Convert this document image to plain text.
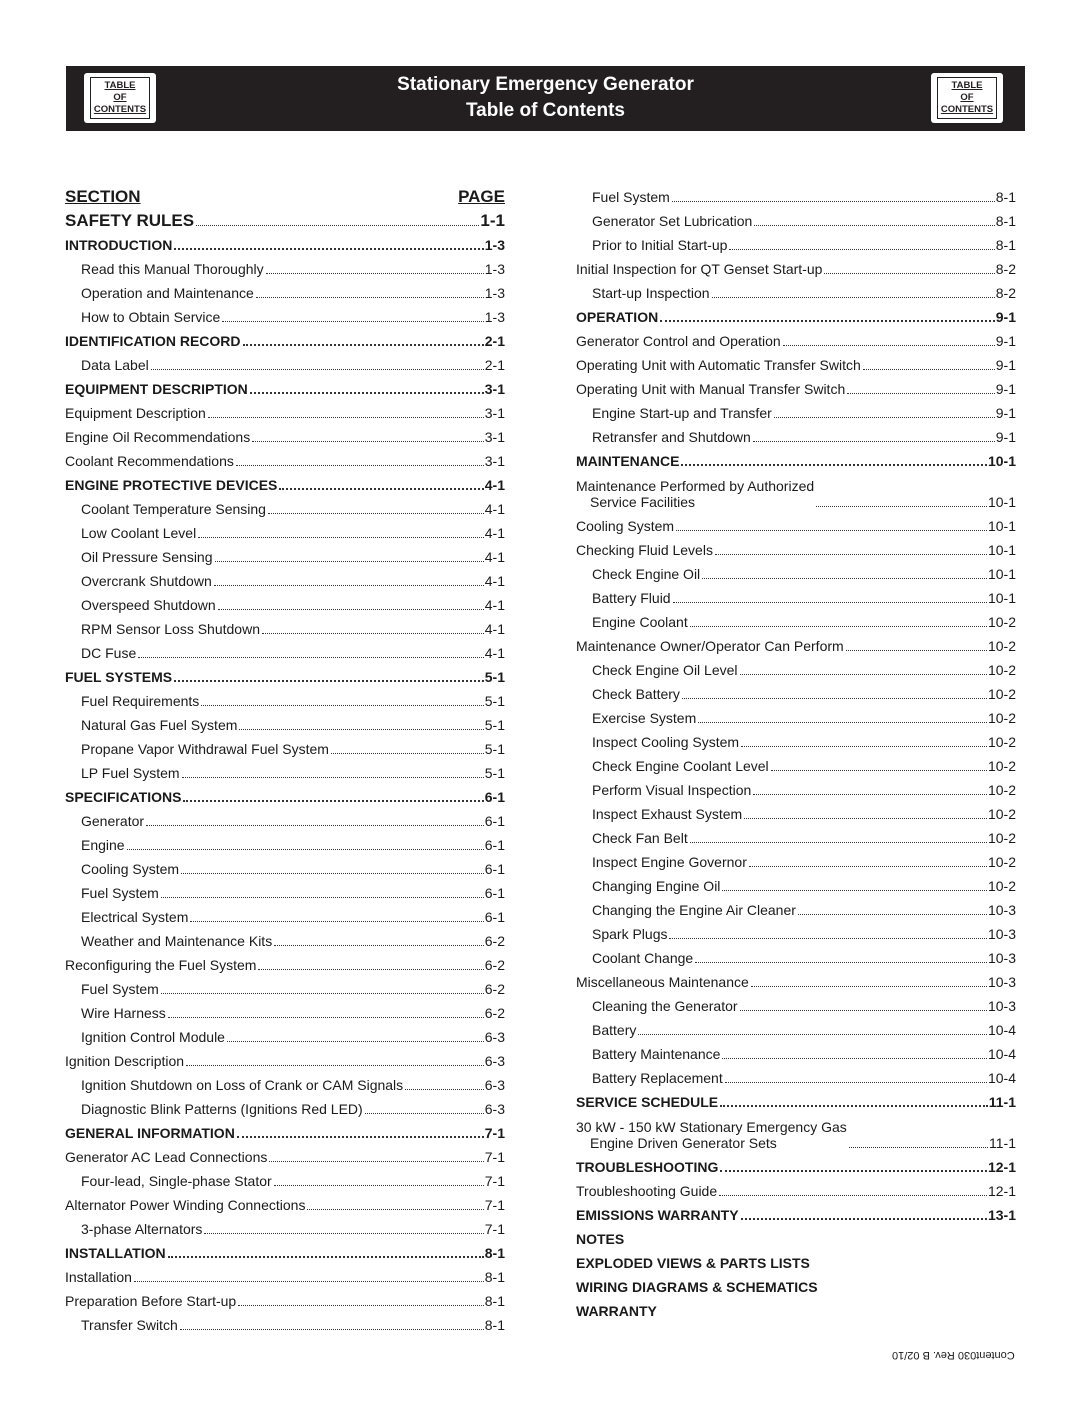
TABLE
OF
CONTENTS
Stationary Emergency Generator
Table of Contents
TABLE
OF
CONTENTS
SECTION	PAGE
SAFETY RULES	1-1
INTRODUCTION	1-3
Read this Manual Thoroughly	1-3
Operation and Maintenance	1-3
How to Obtain Service	1-3
IDENTIFICATION RECORD	2-1
Data Label	2-1
EQUIPMENT DESCRIPTION	3-1
Equipment Description	3-1
Engine Oil Recommendations	3-1
Coolant Recommendations	3-1
ENGINE PROTECTIVE DEVICES	4-1
Coolant Temperature Sensing	4-1
Low Coolant Level	4-1
Oil Pressure Sensing	4-1
Overcrank Shutdown	4-1
Overspeed Shutdown	4-1
RPM Sensor Loss Shutdown	4-1
DC Fuse	4-1
FUEL SYSTEMS	5-1
Fuel Requirements	5-1
Natural Gas Fuel System	5-1
Propane Vapor Withdrawal Fuel System	5-1
LP Fuel System	5-1
SPECIFICATIONS	6-1
Generator	6-1
Engine	6-1
Cooling System	6-1
Fuel System	6-1
Electrical System	6-1
Weather and Maintenance Kits	6-2
Reconfiguring the Fuel System	6-2
Fuel System	6-2
Wire Harness	6-2
Ignition Control Module	6-3
Ignition Description	6-3
Ignition Shutdown on Loss of Crank or CAM Signals	6-3
Diagnostic Blink Patterns (Ignitions Red LED)	6-3
GENERAL INFORMATION	7-1
Generator AC Lead Connections	7-1
Four-lead, Single-phase Stator	7-1
Alternator Power Winding Connections	7-1
3-phase Alternators	7-1
INSTALLATION	8-1
Installation	8-1
Preparation Before Start-up	8-1
Transfer Switch	8-1
Fuel System	8-1
Generator Set Lubrication	8-1
Prior to Initial Start-up	8-1
Initial Inspection for QT Genset Start-up	8-2
Start-up Inspection	8-2
OPERATION	9-1
Generator Control and Operation	9-1
Operating Unit with Automatic Transfer Switch	9-1
Operating Unit with Manual Transfer Switch	9-1
Engine Start-up and Transfer	9-1
Retransfer and Shutdown	9-1
MAINTENANCE	10-1
Maintenance Performed by Authorized
Service Facilities	10-1
Cooling System	10-1
Checking Fluid Levels	10-1
Check Engine Oil	10-1
Battery Fluid	10-1
Engine Coolant	10-2
Maintenance Owner/Operator Can Perform	10-2
Check Engine Oil Level	10-2
Check Battery	10-2
Exercise System	10-2
Inspect Cooling System	10-2
Check Engine Coolant Level	10-2
Perform Visual Inspection	10-2
Inspect Exhaust System	10-2
Check Fan Belt	10-2
Inspect Engine Governor	10-2
Changing Engine Oil	10-2
Changing the Engine Air Cleaner	10-3
Spark Plugs	10-3
Coolant Change	10-3
Miscellaneous Maintenance	10-3
Cleaning the Generator	10-3
Battery	10-4
Battery Maintenance	10-4
Battery Replacement	10-4
SERVICE SCHEDULE	11-1
30 kW - 150 kW Stationary Emergency Gas
Engine Driven Generator Sets	11-1
TROUBLESHOOTING	12-1
Troubleshooting Guide	12-1
EMISSIONS WARRANTY	13-1
NOTES
EXPLODED VIEWS & PARTS LISTS
WIRING DIAGRAMS & SCHEMATICS
WARRANTY
Content030 Rev. B 02/10
